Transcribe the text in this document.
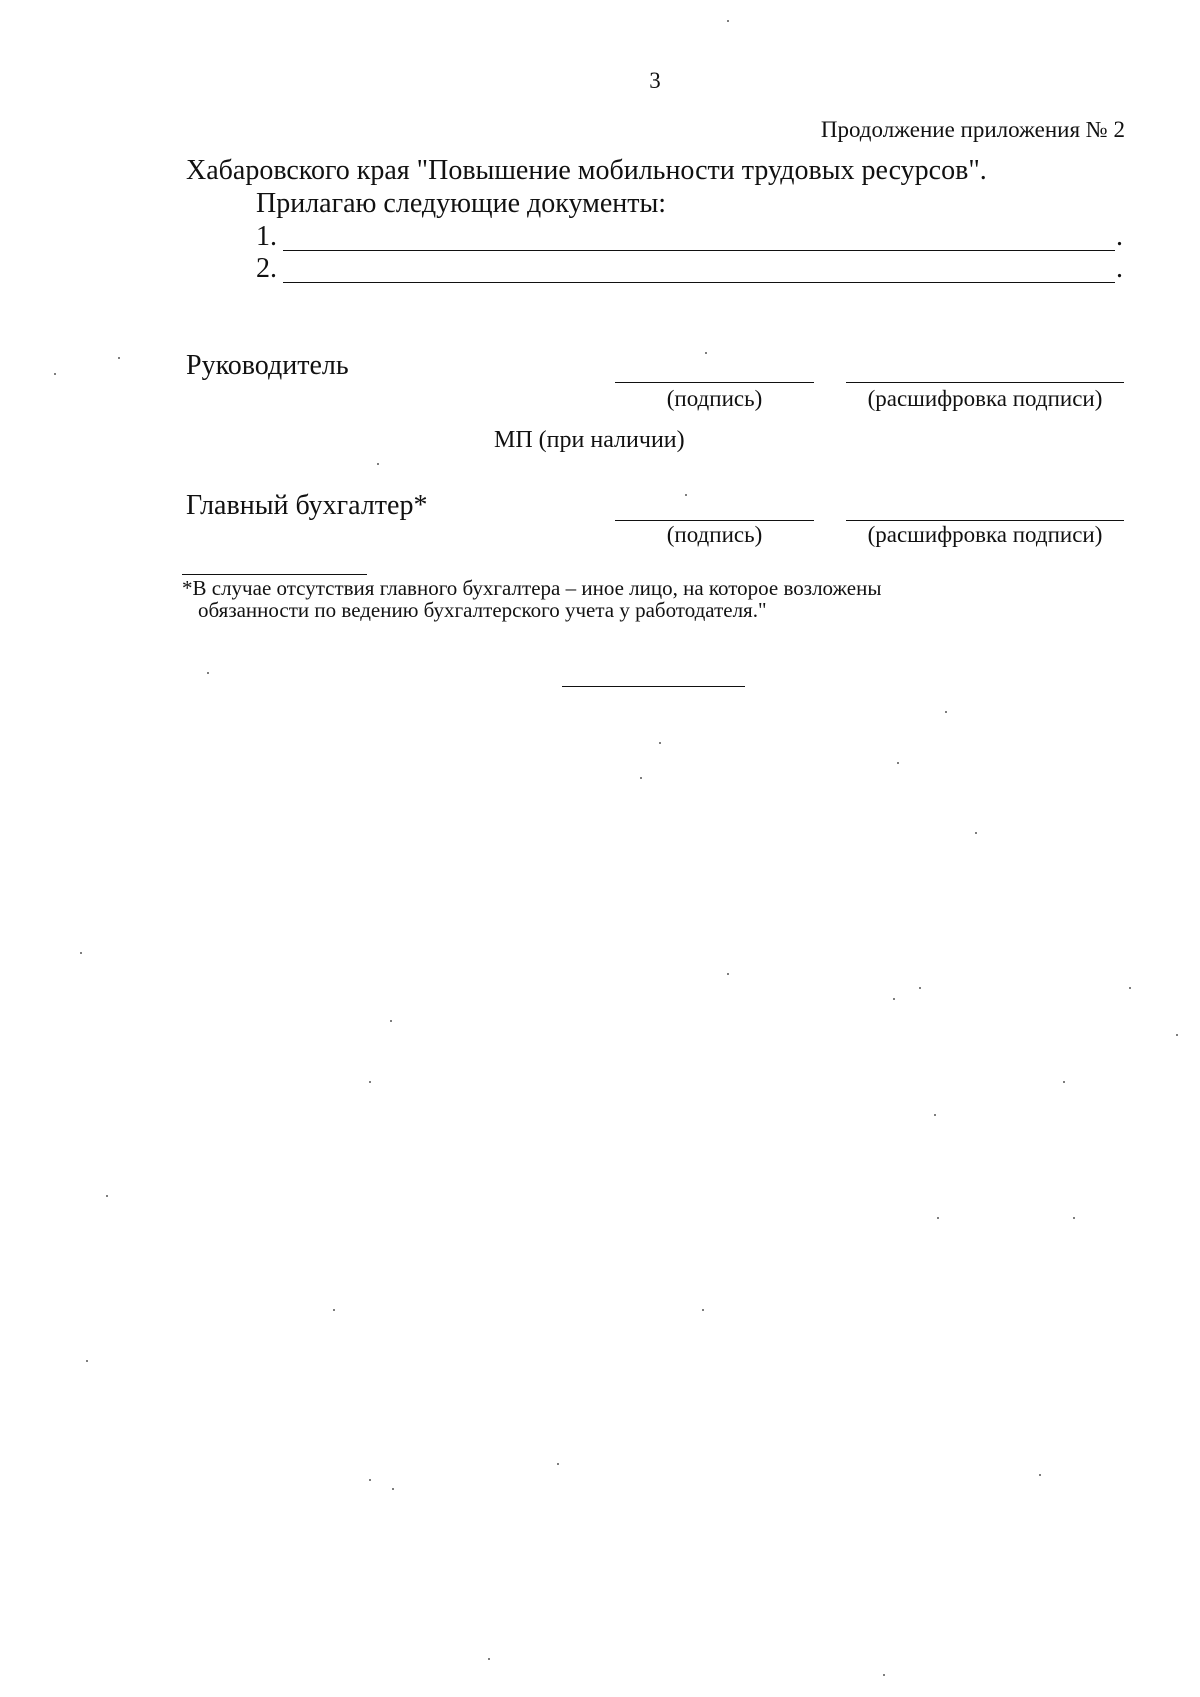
3
Продолжение приложения № 2
Хабаровского края "Повышение мобильности трудовых ресурсов".
Прилагаю следующие документы:
1.	.
2.	.
Руководитель
(подпись)	(расшифровка подписи)
МП (при наличии)
Главный бухгалтер*
(подпись)	(расшифровка подписи)
*В случае отсутствия главного бухгалтера – иное лицо, на которое возложены
обязанности по ведению бухгалтерского учета у работодателя."
